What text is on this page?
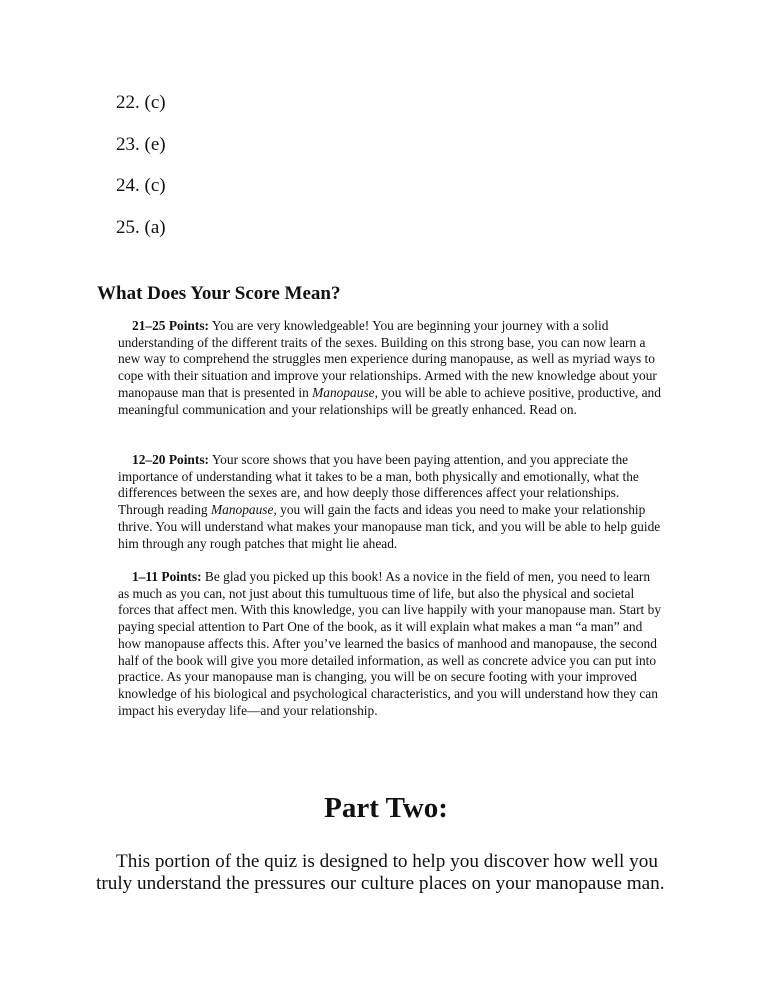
22. (c)
23. (e)
24. (c)
25. (a)
What Does Your Score Mean?

21–25 Points: You are very knowledgeable! You are beginning your journey with a solid understanding of the different traits of the sexes. Building on this strong base, you can now learn a new way to comprehend the struggles men experience during manopause, as well as myriad ways to cope with their situation and improve your relationships. Armed with the new knowledge about your manopause man that is presented in Manopause, you will be able to achieve positive, productive, and meaningful communication and your relationships will be greatly enhanced. Read on.

12–20 Points: Your score shows that you have been paying attention, and you appreciate the importance of understanding what it takes to be a man, both physically and emotionally, what the differences between the sexes are, and how deeply those differences affect your relationships. Through reading Manopause, you will gain the facts and ideas you need to make your relationship thrive. You will understand what makes your manopause man tick, and you will be able to help guide him through any rough patches that might lie ahead.

1–11 Points: Be glad you picked up this book! As a novice in the field of men, you need to learn as much as you can, not just about this tumultuous time of life, but also the physical and societal forces that affect men. With this knowledge, you can live happily with your manopause man. Start by paying special attention to Part One of the book, as it will explain what makes a man “a man” and how manopause affects this. After you’ve learned the basics of manhood and manopause, the second half of the book will give you more detailed information, as well as concrete advice you can put into practice. As your manopause man is changing, you will be on secure footing with your improved knowledge of his biological and psychological characteristics, and you will understand how they can impact his everyday life—and your relationship.

Part Two:

This portion of the quiz is designed to help you discover how well you truly understand the pressures our culture places on your manopause man.
